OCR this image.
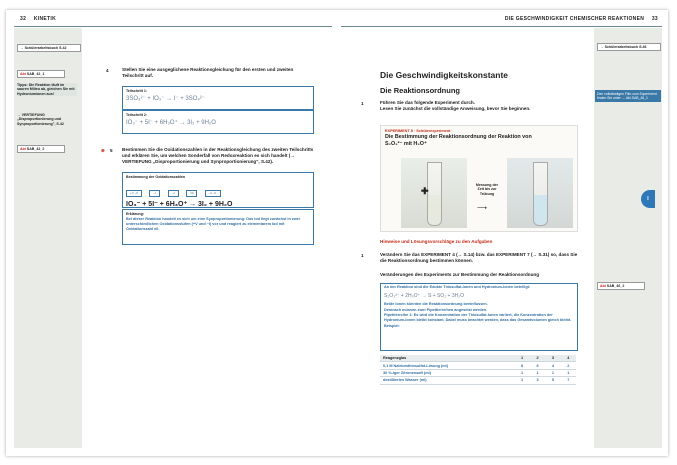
32 KINETIK
→ Schülerarbeitsbuch S.42
Abi SAB_42_1
Tipps: Die Reaktion läuft im sauren Milieu ab, gleichen Sie mit Hydroniumionen aus!
→ VERTIEFUNG „Disproportionierung und Synproportionierung", S.42
Abi SAB_42_2
4	Stellen Sie eine ausgeglichene Reaktionsgleichung für den ersten und zweiten Teilschritt auf.
Teilschritt 1:
3SO₃²⁻ + IO₃⁻ → I⁻ + 3SO₄²⁻
Teilschritt 2:
IO₃⁻ + 5I⁻ + 6H₃O⁺ → 3I₂ + 9H₂O
⊕ 5 Bestimmen Sie die Oxidationszahlen in der Reaktionsgleichung des zweiten Teilschritts und erklären Sie, um welchen Sonderfall von Redoxreaktion es sich handelt (→ VERTIEFUNG „Disproportionierung und Synproportionierung", S.42).
Bestimmung der Oxidationszahlen
+V −II	−I	+I	±0	+I −II
IO₃⁻ + 5I⁻ + 6H₃O⁺ → 3I₂ + 9H₂O
Erklärung:
Bei dieser Reaktion handelt es sich um eine Synproportionierung: Das Iod liegt zunächst in zwei unterschiedlichen Oxidationsstufen (+V und −I) vor und reagiert zu elementarem Iod mit Oxidationszahl ±0.
DIE GESCHWINDIGKEIT CHEMISCHER REAKTIONEN 33
Die Geschwindigkeitskonstante
Die Reaktionsordnung
1	Führen Sie das folgende Experiment durch.
Lesen Sie zunächst die vollständige Anweisung, bevor Sie beginnen.
EXPERIMENT 8 · Schülerexperiment
Die Bestimmung der Reaktionsordnung der Reaktion von S₂O₃²⁻ mit H₃O⁺
✚
Messung der Zeit bis zur Trübung
⟶
Hinweise und Lösungsvorschläge zu den Aufgaben
1	Verändern Sie das EXPERIMENT 4 (→ S.14) bzw. das EXPERIMENT 7 (→ S.31) so, dass Sie die Reaktionsordnung bestimmen können.
Veränderungen des Experiments zur Bestimmung der Reaktionsordnung
An der Reaktion sind die Edukte Thiosulfat-Ionen und Hydronium-Ionen beteiligt:
S₂O₃²⁻ + 2H₃O⁺ → S + SO₂ + 3H₂O
Beide Ionen könnten die Reaktionsordnung beeinflussen.
Demnach müssen zwei Pipettierreihen angesetzt werden.
Pipettierreihe 1: Es wird die Konzentration der Thiosulfat-Ionen variiert, die Konzentration der Hydronium-Ionen bleibt konstant. Dabei muss beachtet werden, dass das Gesamtvolumen gleich bleibt.
Beispiel:
Reagenzglas	1	2	3	4
0,1 M Natriumthiosulfat-Lösung (ml)	8	6	4	2
30 %-iger Zitronensaft (ml)	1	1	1	1
destilliertes Wasser (ml)	1	3	5	7
→ Schülerarbeitsbuch S.46
Den vollständigen Film zum Experiment finden Sie unter → Abi SAB_46_1
Abi SAB_46_2
I
